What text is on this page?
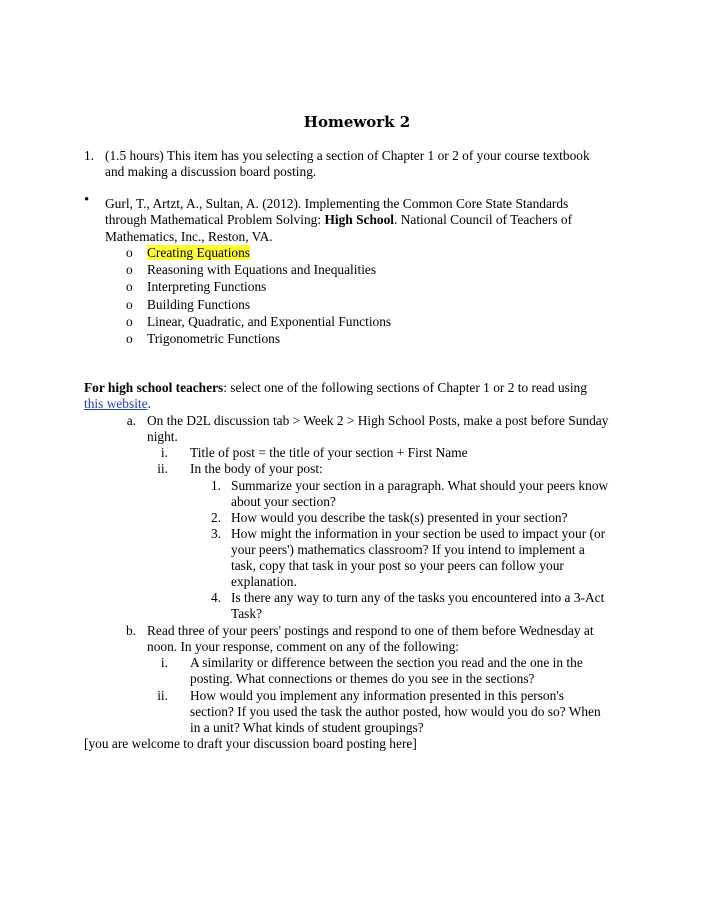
Homework 2
1. (1.5 hours) This item has you selecting a section of Chapter 1 or 2 of your course textbook
and making a discussion board posting.
• Gurl, T., Artzt, A., Sultan, A. (2012). Implementing the Common Core State Standards
through Mathematical Problem Solving: High School. National Council of Teachers of
Mathematics, Inc., Reston, VA.
o Creating Equations
o Reasoning with Equations and Inequalities
o Interpreting Functions
o Building Functions
o Linear, Quadratic, and Exponential Functions
o Trigonometric Functions
For high school teachers: select one of the following sections of Chapter 1 or 2 to read using
this website.
a. On the D2L discussion tab > Week 2 > High School Posts, make a post before Sunday
night.
i. Title of post = the title of your section + First Name
ii. In the body of your post:
1. Summarize your section in a paragraph. What should your peers know
about your section?
2. How would you describe the task(s) presented in your section?
3. How might the information in your section be used to impact your (or
your peers') mathematics classroom? If you intend to implement a
task, copy that task in your post so your peers can follow your
explanation.
4. Is there any way to turn any of the tasks you encountered into a 3-Act
Task?
b. Read three of your peers' postings and respond to one of them before Wednesday at
noon. In your response, comment on any of the following:
i. A similarity or difference between the section you read and the one in the
posting. What connections or themes do you see in the sections?
ii. How would you implement any information presented in this person's
section? If you used the task the author posted, how would you do so? When
in a unit? What kinds of student groupings?
[you are welcome to draft your discussion board posting here]
